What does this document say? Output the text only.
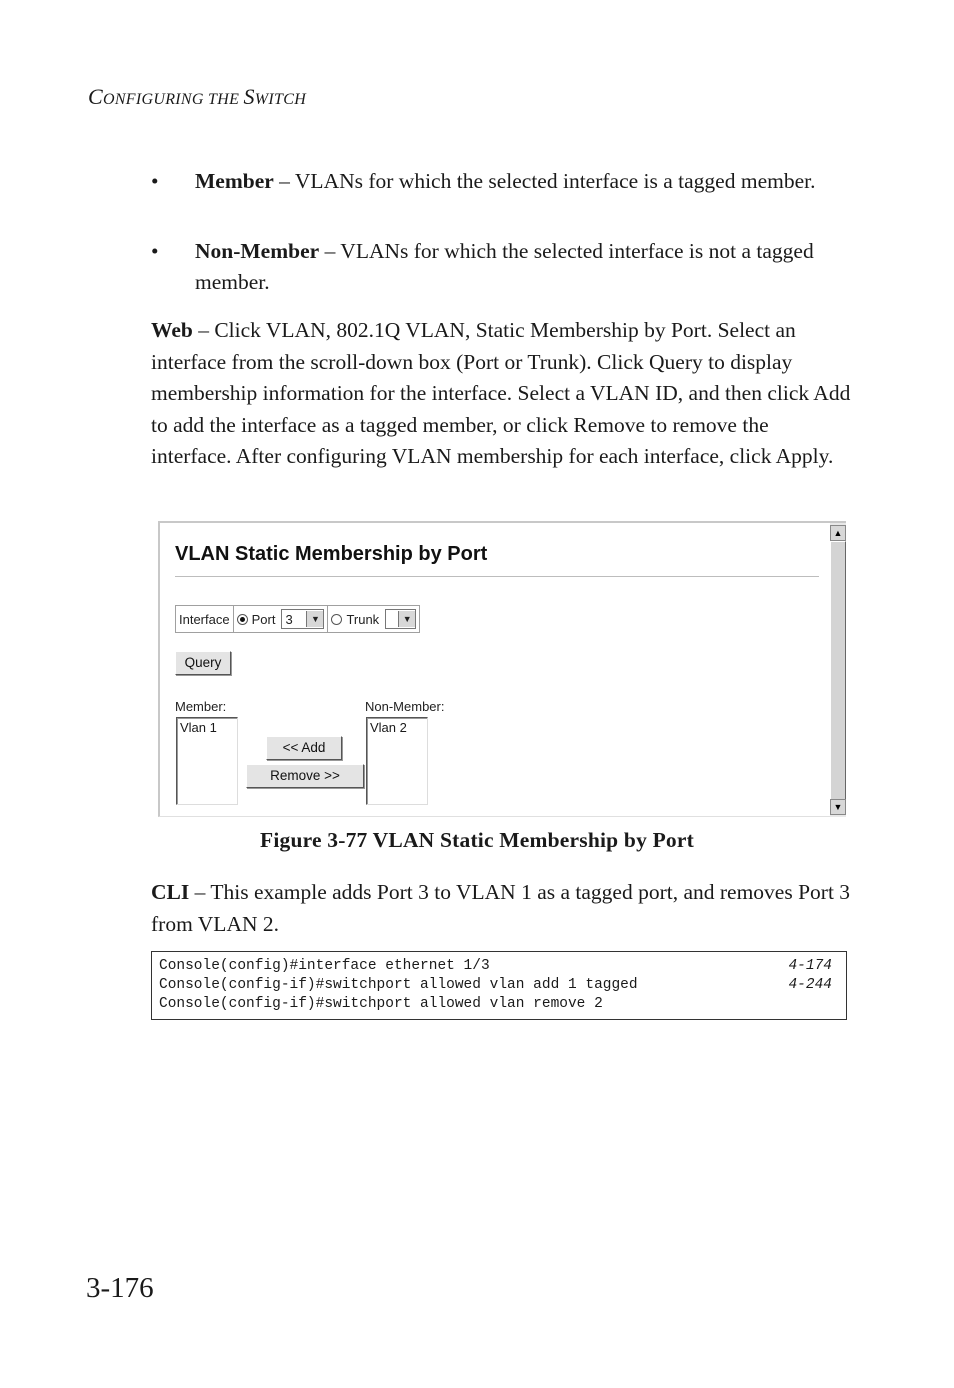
CONFIGURING THE SWITCH
• Member – VLANs for which the selected interface is a tagged member.
• Non-Member – VLANs for which the selected interface is not a tagged member.
Web – Click VLAN, 802.1Q VLAN, Static Membership by Port. Select an interface from the scroll-down box (Port or Trunk). Click Query to display membership information for the interface. Select a VLAN ID, and then click Add to add the interface as a tagged member, or click Remove to remove the interface. After configuring VLAN membership for each interface, click Apply.
VLAN Static Membership by Port
Interface	Port 3	▼ Trunk	▼
Query
Member:	Non-Member:
Vlan 1
<< Add
Remove >>
Vlan 2
▲
▼
Figure 3-77 VLAN Static Membership by Port
CLI – This example adds Port 3 to VLAN 1 as a tagged port, and removes Port 3 from VLAN 2.
Console(config)#interface ethernet 1/3	4-174
Console(config-if)#switchport allowed vlan add 1 tagged	4-244
Console(config-if)#switchport allowed vlan remove 2
3-176
